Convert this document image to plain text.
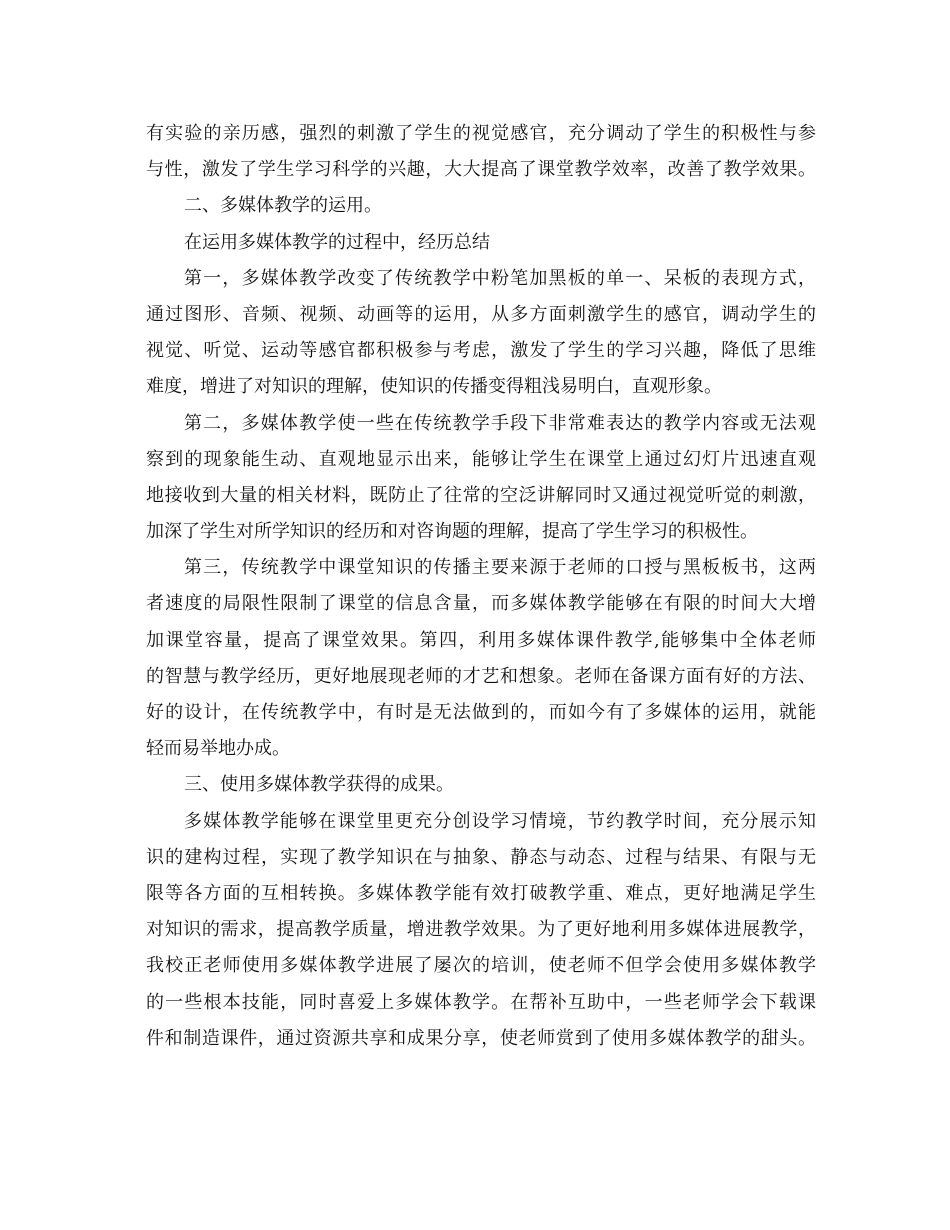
有实验的亲历感，强烈的刺激了学生的视觉感官，充分调动了学生的积极性与参
与性，激发了学生学习科学的兴趣，大大提高了课堂教学效率，改善了教学效果。
二、多媒体教学的运用。
在运用多媒体教学的过程中，经历总结
第一，多媒体教学改变了传统教学中粉笔加黑板的单一、呆板的表现方式，
通过图形、音频、视频、动画等的运用，从多方面刺激学生的感官，调动学生的
视觉、听觉、运动等感官都积极参与考虑，激发了学生的学习兴趣，降低了思维
难度，增进了对知识的理解，使知识的传播变得粗浅易明白，直观形象。
第二，多媒体教学使一些在传统教学手段下非常难表达的教学内容或无法观
察到的现象能生动、直观地显示出来，能够让学生在课堂上通过幻灯片迅速直观
地接收到大量的相关材料，既防止了往常的空泛讲解同时又通过视觉听觉的刺激，
加深了学生对所学知识的经历和对咨询题的理解，提高了学生学习的积极性。
第三，传统教学中课堂知识的传播主要来源于老师的口授与黑板板书，这两
者速度的局限性限制了课堂的信息含量，而多媒体教学能够在有限的时间大大增
加课堂容量，提高了课堂效果。第四，利用多媒体课件教学,能够集中全体老师
的智慧与教学经历，更好地展现老师的才艺和想象。老师在备课方面有好的方法、
好的设计，在传统教学中，有时是无法做到的，而如今有了多媒体的运用，就能
轻而易举地办成。
三、使用多媒体教学获得的成果。
多媒体教学能够在课堂里更充分创设学习情境，节约教学时间，充分展示知
识的建构过程，实现了教学知识在与抽象、静态与动态、过程与结果、有限与无
限等各方面的互相转换。多媒体教学能有效打破教学重、难点，更好地满足学生
对知识的需求，提高教学质量，增进教学效果。为了更好地利用多媒体进展教学，
我校正老师使用多媒体教学进展了屡次的培训，使老师不但学会使用多媒体教学
的一些根本技能，同时喜爱上多媒体教学。在帮补互助中，一些老师学会下载课
件和制造课件，通过资源共享和成果分享，使老师赏到了使用多媒体教学的甜头。
